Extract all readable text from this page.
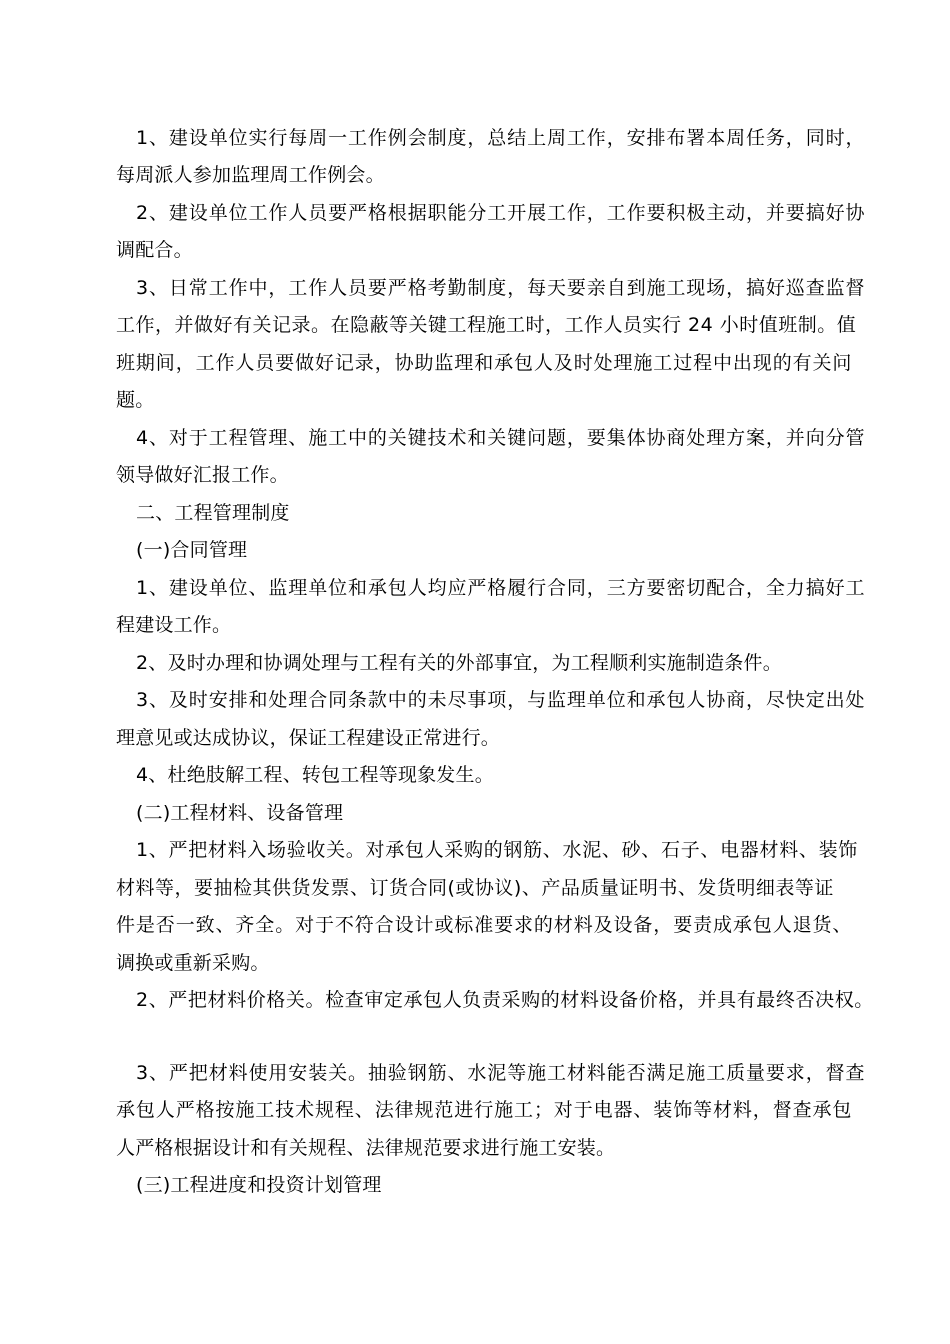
1、建设单位实行每周一工作例会制度，总结上周工作，安排布署本周任务，同时，
每周派人参加监理周工作例会。
2、建设单位工作人员要严格根据职能分工开展工作，工作要积极主动，并要搞好协
调配合。
3、日常工作中，工作人员要严格考勤制度，每天要亲自到施工现场，搞好巡查监督
工作，并做好有关记录。在隐蔽等关键工程施工时，工作人员实行 24 小时值班制。值
班期间，工作人员要做好记录，协助监理和承包人及时处理施工过程中出现的有关问
题。
4、对于工程管理、施工中的关键技术和关键问题，要集体协商处理方案，并向分管
领导做好汇报工作。
二、工程管理制度
(一)合同管理
1、建设单位、监理单位和承包人均应严格履行合同，三方要密切配合，全力搞好工
程建设工作。
2、及时办理和协调处理与工程有关的外部事宜，为工程顺利实施制造条件。
3、及时安排和处理合同条款中的未尽事项，与监理单位和承包人协商，尽快定出处
理意见或达成协议，保证工程建设正常进行。
4、杜绝肢解工程、转包工程等现象发生。
(二)工程材料、设备管理
1、严把材料入场验收关。对承包人采购的钢筋、水泥、砂、石子、电器材料、装饰
材料等，要抽检其供货发票、订货合同(或协议)、产品质量证明书、发货明细表等证
件是否一致、齐全。对于不符合设计或标准要求的材料及设备，要责成承包人退货、
调换或重新采购。
2、严把材料价格关。检查审定承包人负责采购的材料设备价格，并具有最终否决权。
3、严把材料使用安装关。抽验钢筋、水泥等施工材料能否满足施工质量要求，督查
承包人严格按施工技术规程、法律规范进行施工；对于电器、装饰等材料，督查承包
人严格根据设计和有关规程、法律规范要求进行施工安装。
(三)工程进度和投资计划管理
